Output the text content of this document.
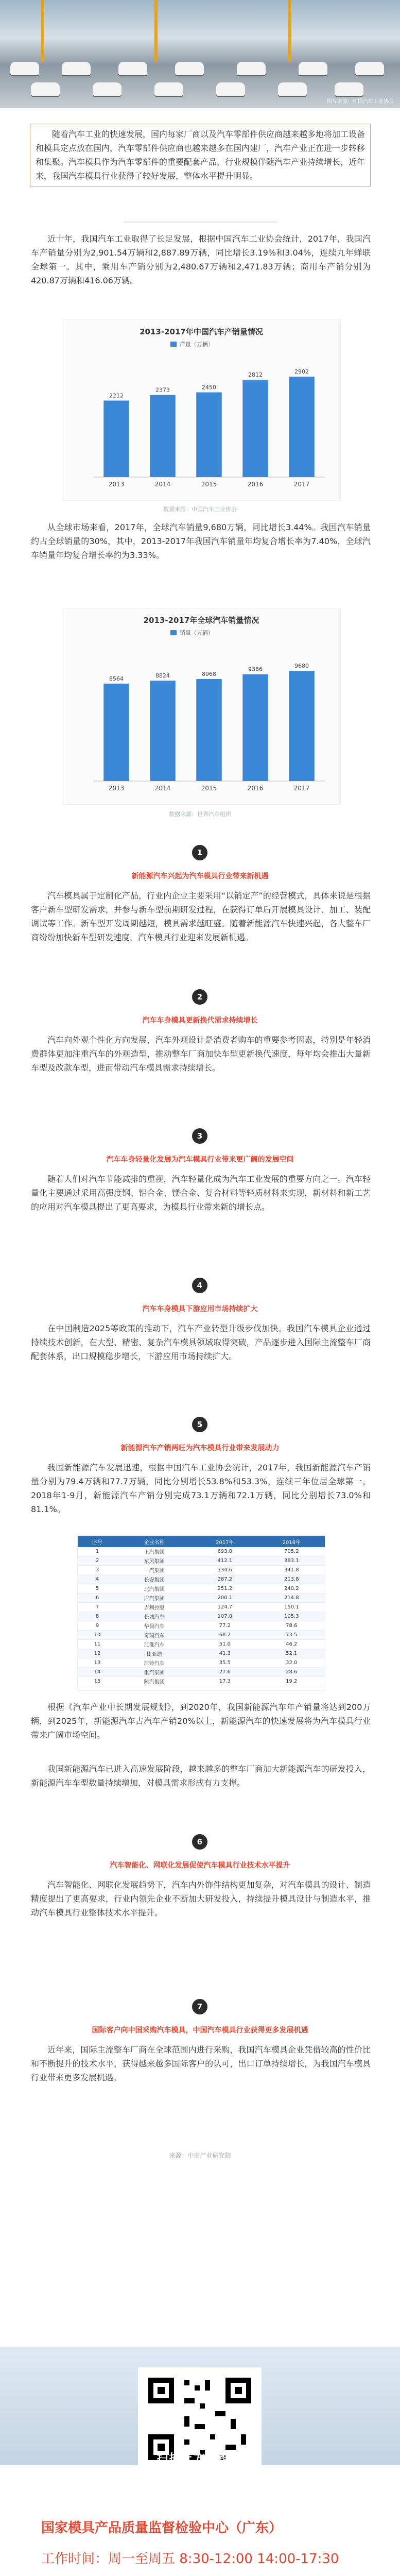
图片来源：中国汽车工业协会
随着汽车工业的快速发展，国内每家厂商以及汽车零部件供应商越来越多地将加工设备和模具定点放在国内，汽车零部件供应商也越来越多在国内建厂，汽车产业正在进一步转移和集聚。汽车模具作为汽车零部件的重要配套产品，行业规模伴随汽车产业持续增长，近年来，我国汽车模具行业获得了较好发展，整体水平提升明显。
近十年，我国汽车工业取得了长足发展，根据中国汽车工业协会统计，2017年，我国汽车产销量分别为2,901.54万辆和2,887.89万辆，同比增长3.19%和3.04%，连续九年蝉联全球第一。其中，乘用车产销分别为2,480.67万辆和2,471.83万辆；商用车产销分别为420.87万辆和416.06万辆。
2013-2017年中国汽车产销量情况
产量（万辆）
2212
2013
2373
2014
2450
2015
2812
2016
2902
2017
数据来源：中国汽车工业协会
从全球市场来看，2017年，全球汽车销量9,680万辆，同比增长3.44%。我国汽车销量约占全球销量的30%，其中，2013-2017年我国汽车销量年均复合增长率为7.40%，全球汽车销量年均复合增长率约为3.33%。
2013-2017年全球汽车销量情况
销量（万辆）
8564
2013
8824
2014
8968
2015
9386
2016
9680
2017
数据来源：世界汽车组织
1
新能源汽车兴起为汽车模具行业带来新机遇
汽车模具属于定制化产品，行业内企业主要采用“以销定产”的经营模式，具体来说是根据客户新车型研发需求，并参与新车型前期研发过程，在获得订单后开展模具设计、加工、装配调试等工作。新车型开发周期越短，模具需求越旺盛。随着新能源汽车快速兴起，各大整车厂商纷纷加快新车型研发速度，汽车模具行业迎来发展新机遇。
2
汽车车身模具更新换代需求持续增长
汽车向外观个性化方向发展，汽车外观设计是消费者购车的重要参考因素，特别是年轻消费群体更加注重汽车的外观造型，推动整车厂商加快车型更新换代速度，每年均会推出大量新车型及改款车型，进而带动汽车模具需求持续增长。
3
汽车车身轻量化发展为汽车模具行业带来更广阔的发展空间
随着人们对汽车节能减排的重视，汽车轻量化成为汽车工业发展的重要方向之一。汽车轻量化主要通过采用高强度钢、铝合金、镁合金、复合材料等轻质材料来实现，新材料和新工艺的应用对汽车模具提出了更高要求，为模具行业带来新的增长点。
4
汽车车身模具下游应用市场持续扩大
在中国制造2025等政策的推动下，汽车产业转型升级步伐加快。我国汽车模具企业通过持续技术创新，在大型、精密、复杂汽车模具领域取得突破，产品逐步进入国际主流整车厂商配套体系，出口规模稳步增长，下游应用市场持续扩大。
5
新能源汽车产销两旺为汽车模具行业带来发展动力
我国新能源汽车发展迅速，根据中国汽车工业协会统计，2017年，我国新能源汽车产销量分别为79.4万辆和77.7万辆，同比分别增长53.8%和53.3%，连续三年位居全球第一。2018年1-9月，新能源汽车产销分别完成73.1万辆和72.1万辆，同比分别增长73.0%和81.1%。
序号	企业名称	2017年	2018年
1	上汽集团	693.0	705.2
2	东风集团	412.1	383.1
3	一汽集团	334.6	341.8
4	长安集团	287.2	213.8
5	北汽集团	251.2	240.2
6	广汽集团	200.1	214.8
7	吉利控股	124.7	150.1
8	长城汽车	107.0	105.3
9	华晨汽车	77.2	78.6
10	奇瑞汽车	68.2	73.5
11	江淮汽车	51.0	46.2
12	比亚迪	41.3	52.1
13	江铃汽车	35.5	32.0
14	重汽集团	27.6	28.6
15	陕汽集团	17.3	19.2
根据《汽车产业中长期发展规划》，到2020年，我国新能源汽车年产销量将达到200万辆，到2025年，新能源汽车占汽车产销20%以上，新能源汽车的快速发展将为汽车模具行业带来广阔市场空间。
我国新能源汽车已进入高速发展阶段，越来越多的整车厂商加大新能源汽车的研发投入，新能源汽车车型数量持续增加，对模具需求形成有力支撑。
6
汽车智能化、网联化发展促使汽车模具行业技术水平提升
汽车智能化、网联化发展趋势下，汽车内外饰件结构更加复杂，对汽车模具的设计、制造精度提出了更高要求，行业内领先企业不断加大研发投入，持续提升模具设计与制造水平，推动汽车模具行业整体技术水平提升。
7
国际客户向中国采购汽车模具，中国汽车模具行业获得更多发展机遇
近年来，国际主流整车厂商在全球范围内进行采购，我国汽车模具企业凭借较高的性价比和不断提升的技术水平，获得越来越多国际客户的认可，出口订单持续增长，为我国汽车模具行业带来更多发展机遇。
来源：中商产业研究院
扫描上方二维码
参与DQT客户满意度调查
国家模具产品质量监督检验中心（广东）
工作时间：周一至周五 8:30-12:00 14:00-17:30
